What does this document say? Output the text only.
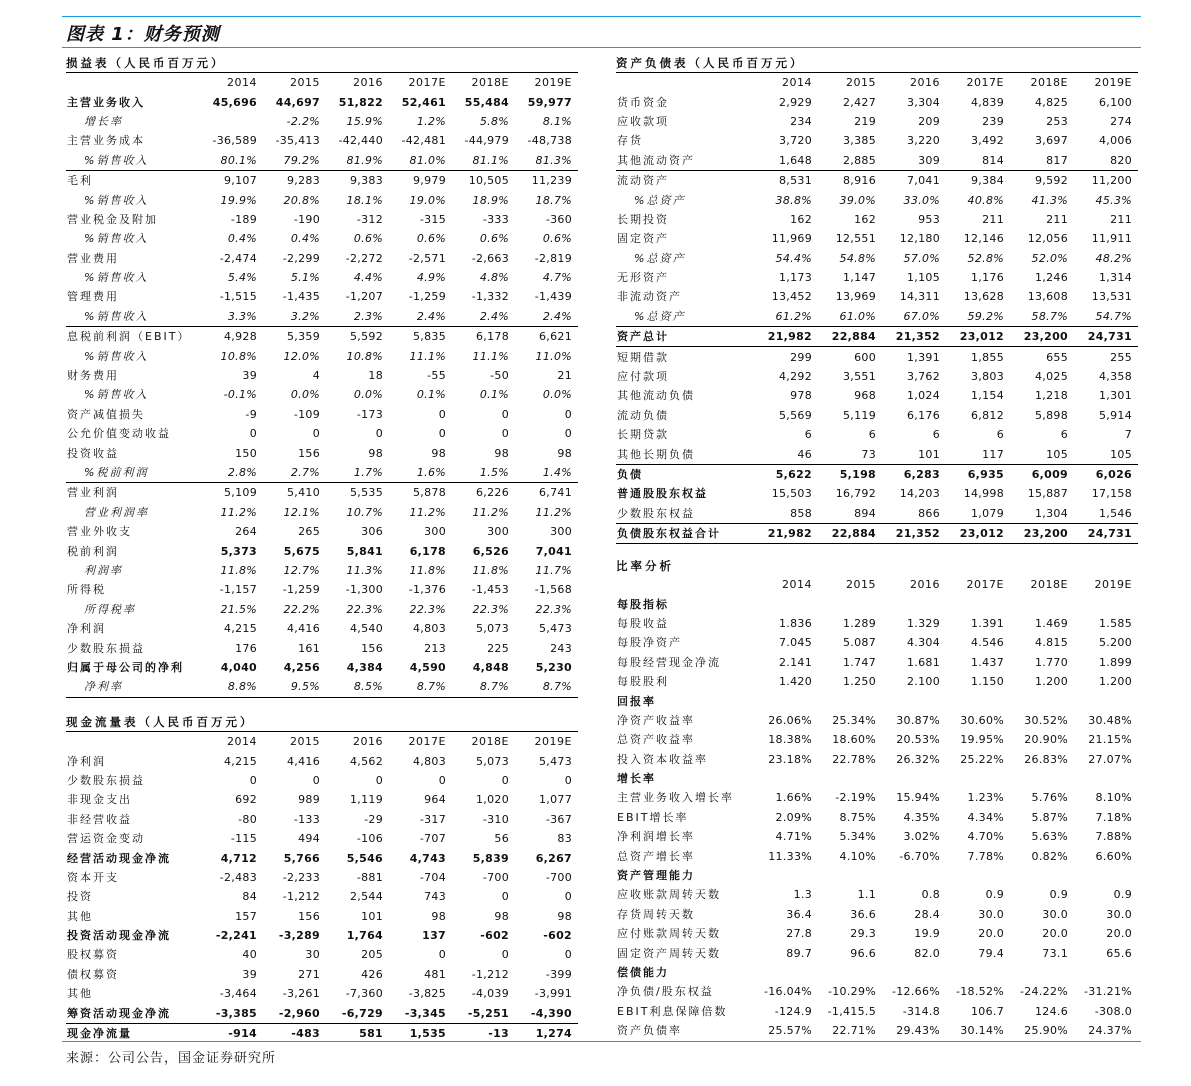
图表 1：财务预测
损益表（人民币百万元）
	2014	2015	2016	2017E	2018E	2019E
主营业务收入	45,696	44,697	51,822	52,461	55,484	59,977
增长率		-2.2%	15.9%	1.2%	5.8%	8.1%
主营业务成本	-36,589	-35,413	-42,440	-42,481	-44,979	-48,738
%销售收入	80.1%	79.2%	81.9%	81.0%	81.1%	81.3%
毛利	9,107	9,283	9,383	9,979	10,505	11,239
%销售收入	19.9%	20.8%	18.1%	19.0%	18.9%	18.7%
营业税金及附加	-189	-190	-312	-315	-333	-360
%销售收入	0.4%	0.4%	0.6%	0.6%	0.6%	0.6%
营业费用	-2,474	-2,299	-2,272	-2,571	-2,663	-2,819
%销售收入	5.4%	5.1%	4.4%	4.9%	4.8%	4.7%
管理费用	-1,515	-1,435	-1,207	-1,259	-1,332	-1,439
%销售收入	3.3%	3.2%	2.3%	2.4%	2.4%	2.4%
息税前利润（EBIT）	4,928	5,359	5,592	5,835	6,178	6,621
%销售收入	10.8%	12.0%	10.8%	11.1%	11.1%	11.0%
财务费用	39	4	18	-55	-50	21
%销售收入	-0.1%	0.0%	0.0%	0.1%	0.1%	0.0%
资产减值损失	-9	-109	-173	0	0	0
公允价值变动收益	0	0	0	0	0	0
投资收益	150	156	98	98	98	98
%税前利润	2.8%	2.7%	1.7%	1.6%	1.5%	1.4%
营业利润	5,109	5,410	5,535	5,878	6,226	6,741
营业利润率	11.2%	12.1%	10.7%	11.2%	11.2%	11.2%
营业外收支	264	265	306	300	300	300
税前利润	5,373	5,675	5,841	6,178	6,526	7,041
利润率	11.8%	12.7%	11.3%	11.8%	11.8%	11.7%
所得税	-1,157	-1,259	-1,300	-1,376	-1,453	-1,568
所得税率	21.5%	22.2%	22.3%	22.3%	22.3%	22.3%
净利润	4,215	4,416	4,540	4,803	5,073	5,473
少数股东损益	176	161	156	213	225	243
归属于母公司的净利	4,040	4,256	4,384	4,590	4,848	5,230
净利率	8.8%	9.5%	8.5%	8.7%	8.7%	8.7%
现金流量表（人民币百万元）
	2014	2015	2016	2017E	2018E	2019E
净利润	4,215	4,416	4,562	4,803	5,073	5,473
少数股东损益	0	0	0	0	0	0
非现金支出	692	989	1,119	964	1,020	1,077
非经营收益	-80	-133	-29	-317	-310	-367
营运资金变动	-115	494	-106	-707	56	83
经营活动现金净流	4,712	5,766	5,546	4,743	5,839	6,267
资本开支	-2,483	-2,233	-881	-704	-700	-700
投资	84	-1,212	2,544	743	0	0
其他	157	156	101	98	98	98
投资活动现金净流	-2,241	-3,289	1,764	137	-602	-602
股权募资	40	30	205	0	0	0
债权募资	39	271	426	481	-1,212	-399
其他	-3,464	-3,261	-7,360	-3,825	-4,039	-3,991
筹资活动现金净流	-3,385	-2,960	-6,729	-3,345	-5,251	-4,390
现金净流量	-914	-483	581	1,535	-13	1,274
资产负债表（人民币百万元）
	2014	2015	2016	2017E	2018E	2019E
货币资金	2,929	2,427	3,304	4,839	4,825	6,100
应收款项	234	219	209	239	253	274
存货	3,720	3,385	3,220	3,492	3,697	4,006
其他流动资产	1,648	2,885	309	814	817	820
流动资产	8,531	8,916	7,041	9,384	9,592	11,200
%总资产	38.8%	39.0%	33.0%	40.8%	41.3%	45.3%
长期投资	162	162	953	211	211	211
固定资产	11,969	12,551	12,180	12,146	12,056	11,911
%总资产	54.4%	54.8%	57.0%	52.8%	52.0%	48.2%
无形资产	1,173	1,147	1,105	1,176	1,246	1,314
非流动资产	13,452	13,969	14,311	13,628	13,608	13,531
%总资产	61.2%	61.0%	67.0%	59.2%	58.7%	54.7%
资产总计	21,982	22,884	21,352	23,012	23,200	24,731
短期借款	299	600	1,391	1,855	655	255
应付款项	4,292	3,551	3,762	3,803	4,025	4,358
其他流动负债	978	968	1,024	1,154	1,218	1,301
流动负债	5,569	5,119	6,176	6,812	5,898	5,914
长期贷款	6	6	6	6	6	7
其他长期负债	46	73	101	117	105	105
负债	5,622	5,198	6,283	6,935	6,009	6,026
普通股股东权益	15,503	16,792	14,203	14,998	15,887	17,158
少数股东权益	858	894	866	1,079	1,304	1,546
负债股东权益合计	21,982	22,884	21,352	23,012	23,200	24,731
比率分析
	2014	2015	2016	2017E	2018E	2019E
每股指标						
每股收益	1.836	1.289	1.329	1.391	1.469	1.585
每股净资产	7.045	5.087	4.304	4.546	4.815	5.200
每股经营现金净流	2.141	1.747	1.681	1.437	1.770	1.899
每股股利	1.420	1.250	2.100	1.150	1.200	1.200
回报率						
净资产收益率	26.06%	25.34%	30.87%	30.60%	30.52%	30.48%
总资产收益率	18.38%	18.60%	20.53%	19.95%	20.90%	21.15%
投入资本收益率	23.18%	22.78%	26.32%	25.22%	26.83%	27.07%
增长率						
主营业务收入增长率	1.66%	-2.19%	15.94%	1.23%	5.76%	8.10%
EBIT增长率	2.09%	8.75%	4.35%	4.34%	5.87%	7.18%
净利润增长率	4.71%	5.34%	3.02%	4.70%	5.63%	7.88%
总资产增长率	11.33%	4.10%	-6.70%	7.78%	0.82%	6.60%
资产管理能力						
应收账款周转天数	1.3	1.1	0.8	0.9	0.9	0.9
存货周转天数	36.4	36.6	28.4	30.0	30.0	30.0
应付账款周转天数	27.8	29.3	19.9	20.0	20.0	20.0
固定资产周转天数	89.7	96.6	82.0	79.4	73.1	65.6
偿债能力						
净负债/股东权益	-16.04%	-10.29%	-12.66%	-18.52%	-24.22%	-31.21%
EBIT利息保障倍数	-124.9	-1,415.5	-314.8	106.7	124.6	-308.0
资产负债率	25.57%	22.71%	29.43%	30.14%	25.90%	24.37%
来源：公司公告，国金证券研究所
